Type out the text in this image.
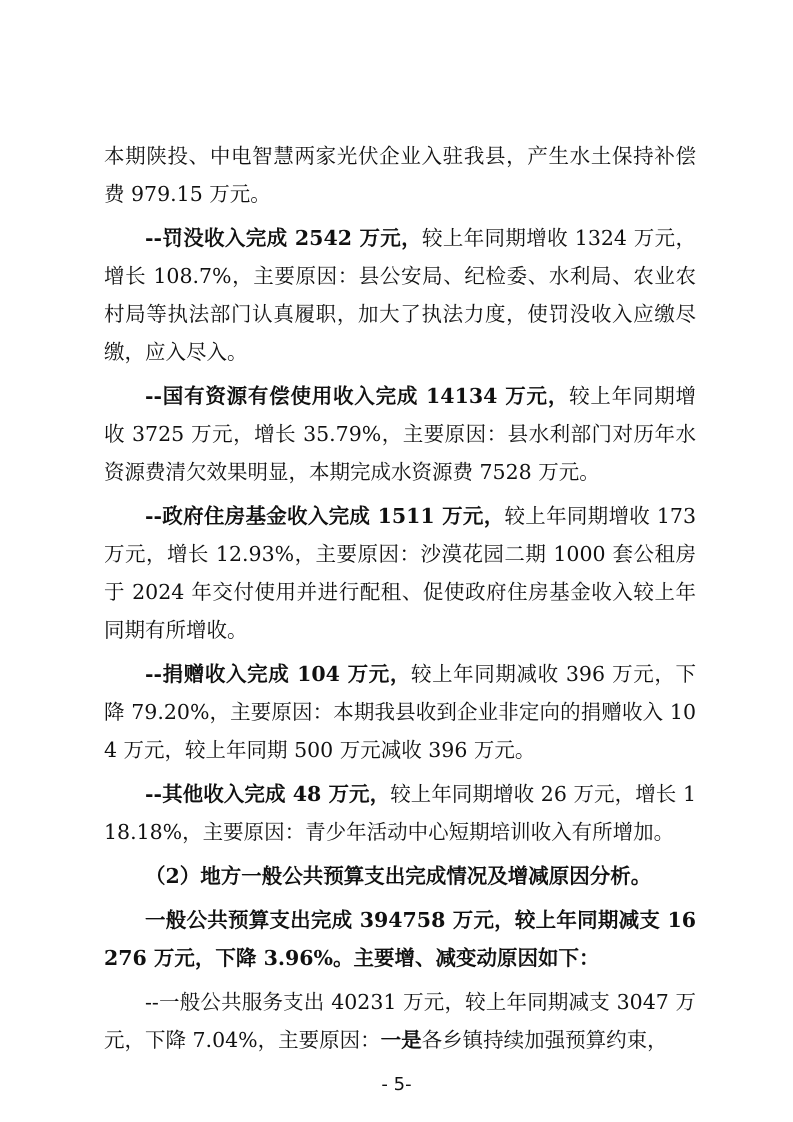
本期陕投、中电智慧两家光伏企业入驻我县，产生水土保持补偿费 979.15 万元。

--罚没收入完成 2542 万元，较上年同期增收 1324 万元，增长 108.7%，主要原因：县公安局、纪检委、水利局、农业农村局等执法部门认真履职，加大了执法力度，使罚没收入应缴尽缴，应入尽入。

--国有资源有偿使用收入完成 14134 万元，较上年同期增收 3725 万元，增长 35.79%，主要原因：县水利部门对历年水资源费清欠效果明显，本期完成水资源费 7528 万元。

--政府住房基金收入完成 1511 万元，较上年同期增收 173 万元，增长 12.93%，主要原因：沙漠花园二期 1000 套公租房于 2024 年交付使用并进行配租、促使政府住房基金收入较上年同期有所增收。

--捐赠收入完成 104 万元，较上年同期减收 396 万元，下降 79.20%，主要原因：本期我县收到企业非定向的捐赠收入 104 万元，较上年同期 500 万元减收 396 万元。

--其他收入完成 48 万元，较上年同期增收 26 万元，增长 118.18%，主要原因：青少年活动中心短期培训收入有所增加。

（2）地方一般公共预算支出完成情况及增减原因分析。

一般公共预算支出完成 394758 万元，较上年同期减支 16276 万元，下降 3.96%。主要增、减变动原因如下：

--一般公共服务支出 40231 万元，较上年同期减支 3047 万元，下降 7.04%，主要原因：一是各乡镇持续加强预算约束，

- 5-
